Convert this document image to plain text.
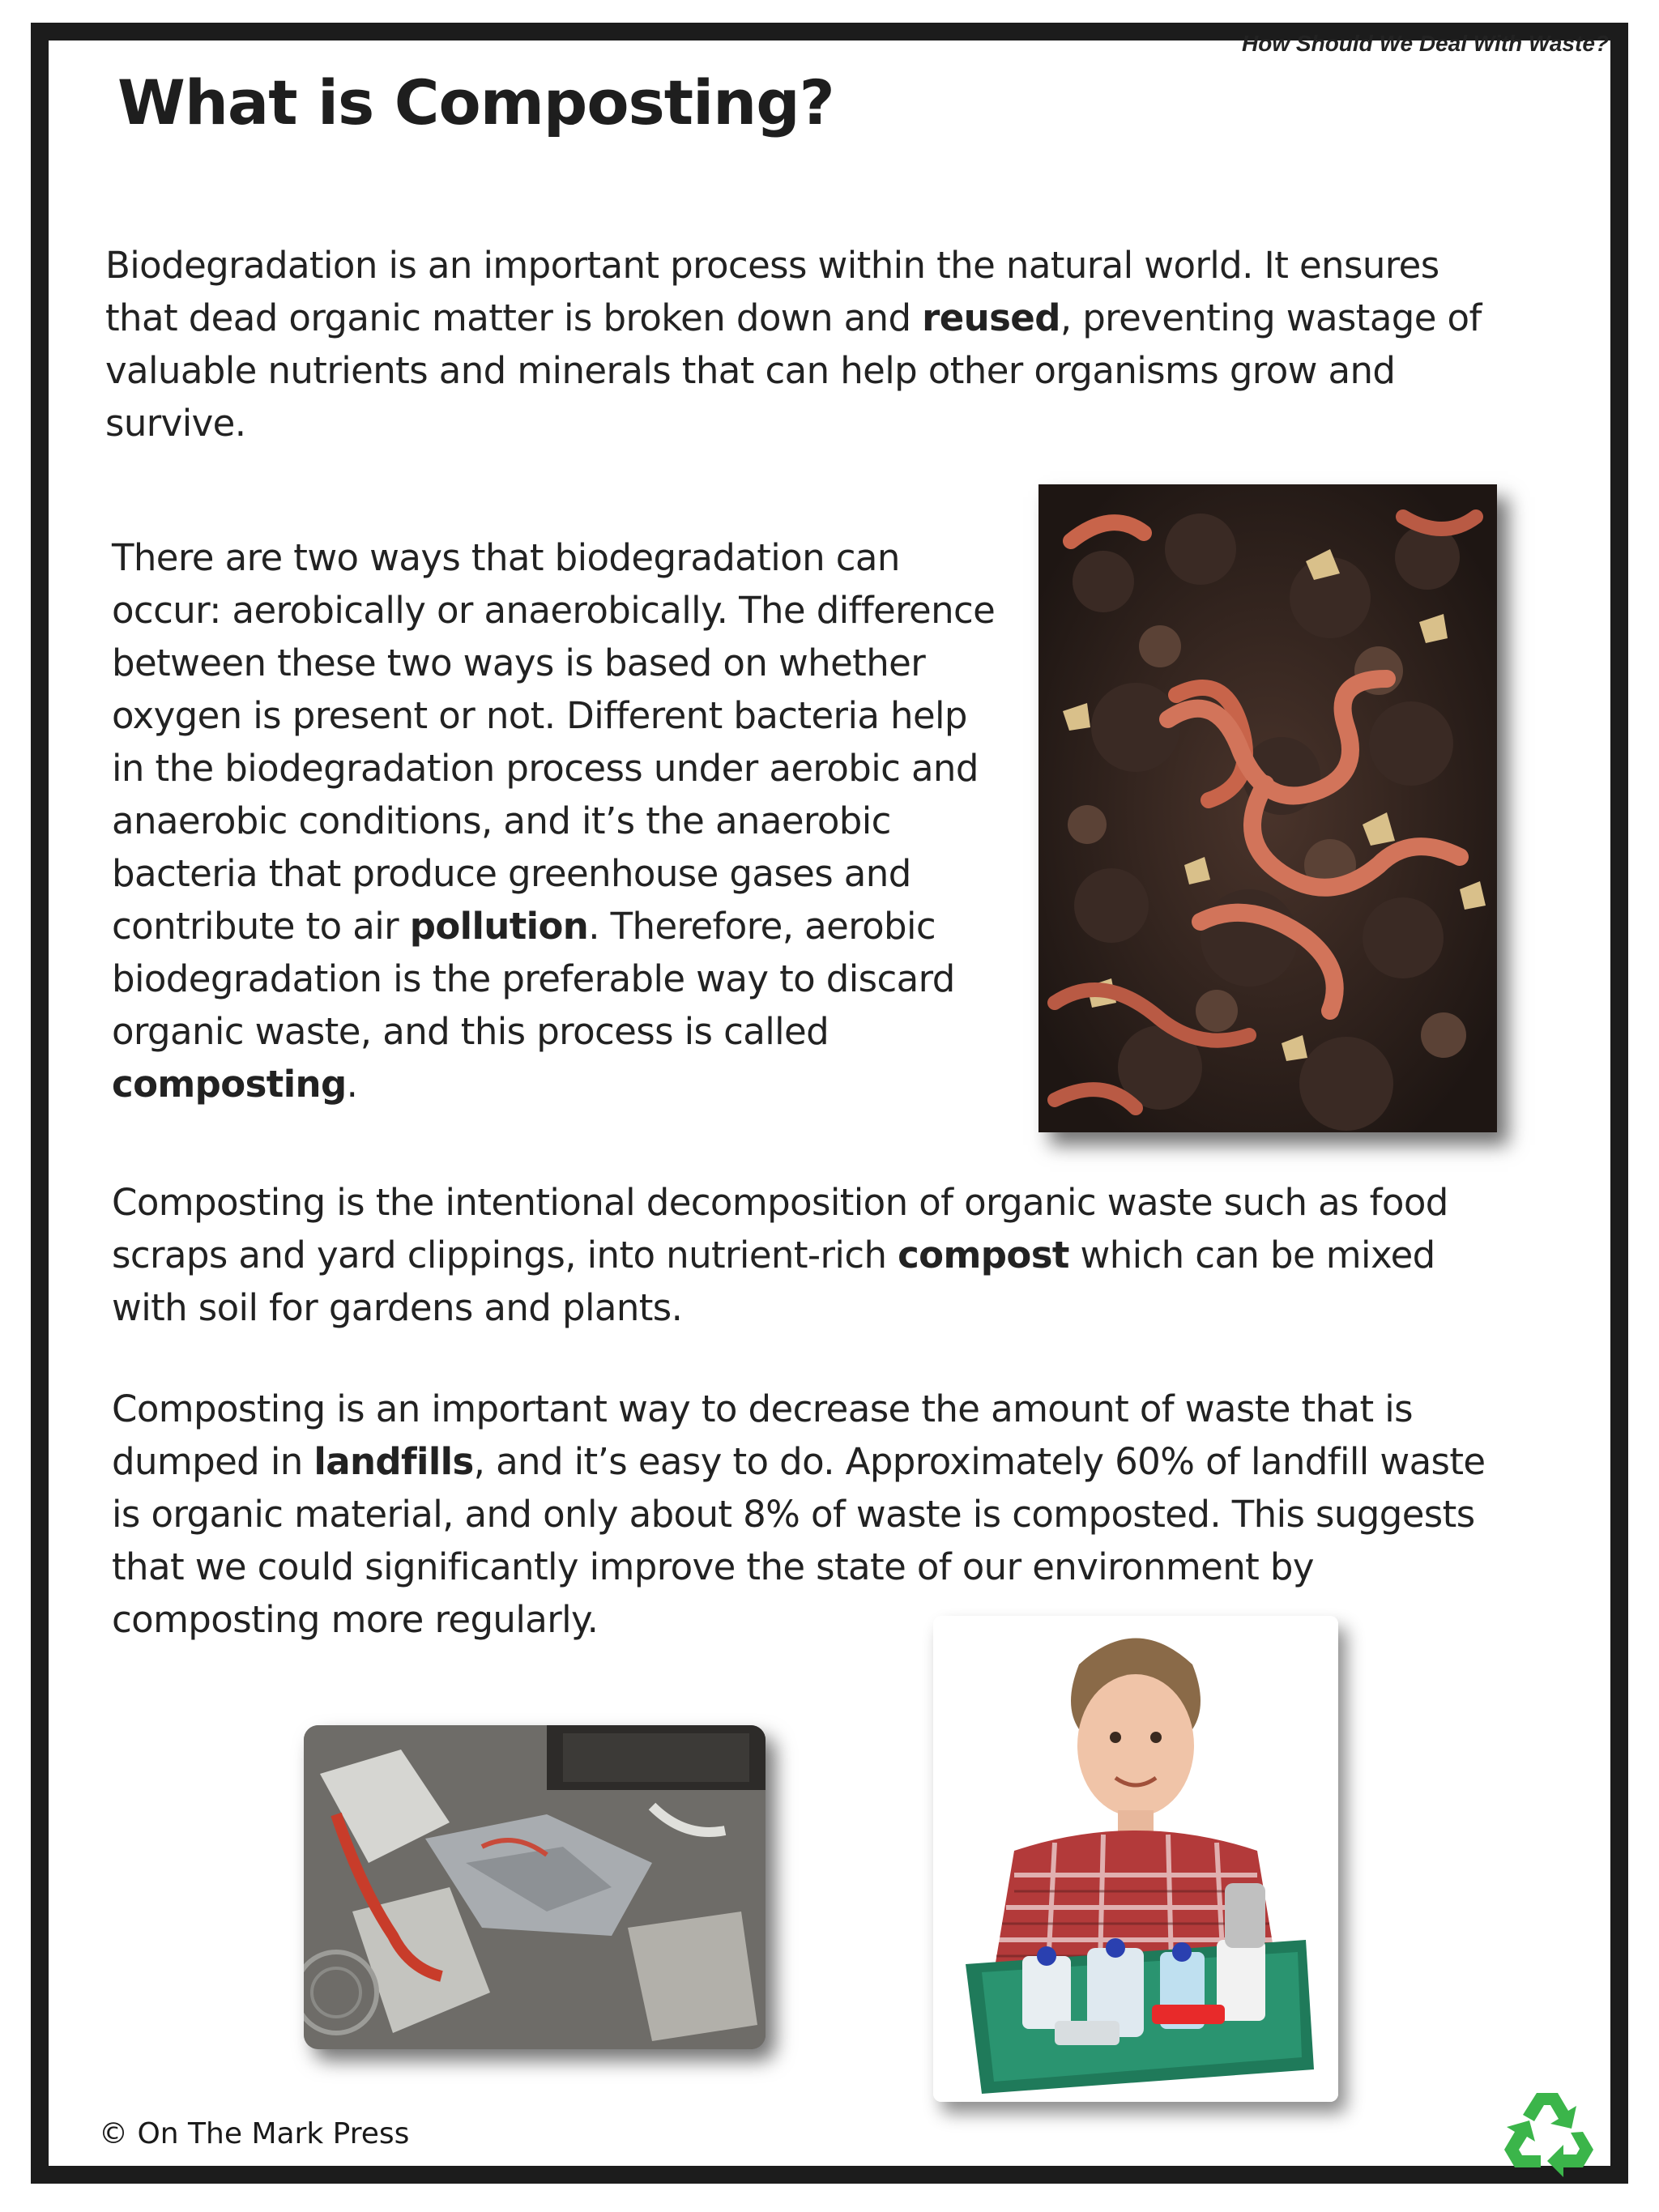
How Should We Deal With Waste?
What is Composting?

Biodegradation is an important process within the natural world. It ensures that dead organic matter is broken down and reused, preventing wastage of valuable nutrients and minerals that can help other organisms grow and survive.

There are two ways that biodegradation can occur: aerobically or anaerobically. The difference between these two ways is based on whether oxygen is present or not. Different bacteria help in the biodegradation process under aerobic and anaerobic conditions, and it’s the anaerobic bacteria that produce greenhouse gases and contribute to air pollution. Therefore, aerobic biodegradation is the preferable way to discard organic waste, and this process is called composting.

Composting is the intentional decomposition of organic waste such as food scraps and yard clippings, into nutrient-rich compost which can be mixed with soil for gardens and plants.

Composting is an important way to decrease the amount of waste that is dumped in landfills, and it’s easy to do. Approximately 60% of landfill waste is organic material, and only about 8% of waste is composted. This suggests that we could significantly improve the state of our environment by composting more regularly.

© On The Mark Press
